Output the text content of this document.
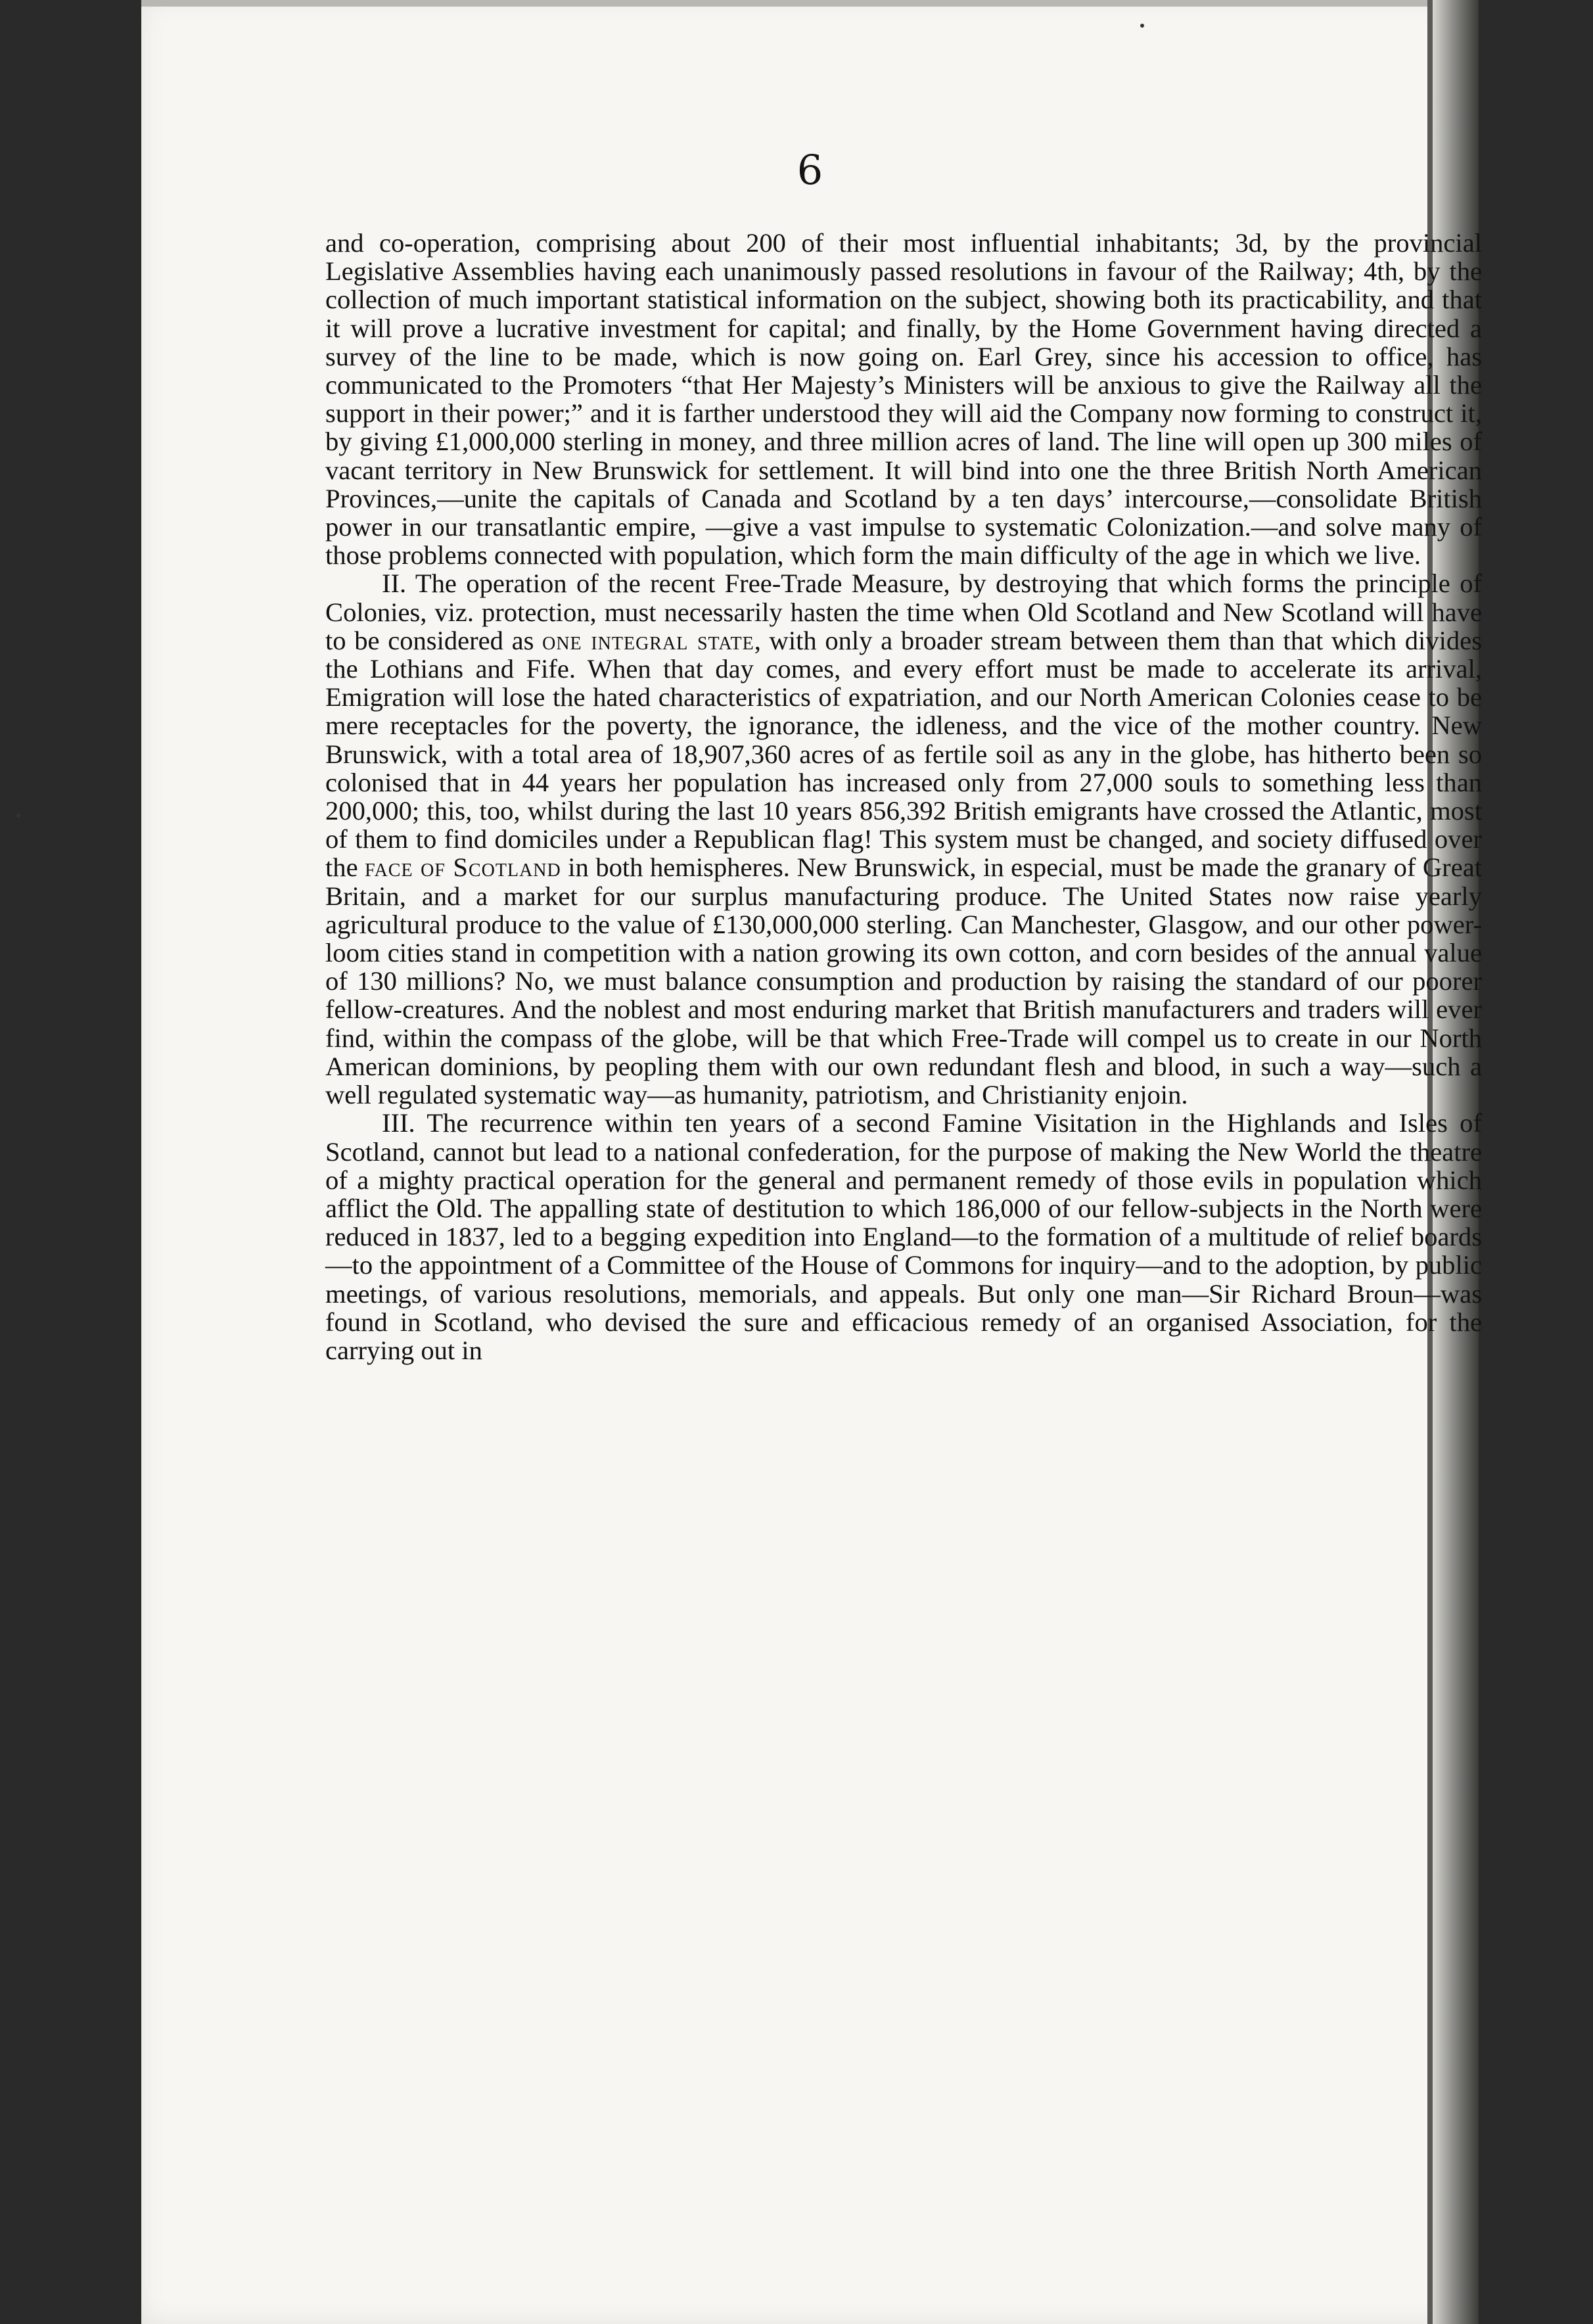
6

and co-operation, comprising about 200 of their most influential inhabitants; 3d, by the provincial Legislative Assemblies having each unanimously passed resolutions in favour of the Railway; 4th, by the collection of much important statistical information on the subject, showing both its practicability, and that it will prove a lucrative investment for capital; and finally, by the Home Government having directed a survey of the line to be made, which is now going on. Earl Grey, since his accession to office, has communicated to the Promoters “that Her Majesty’s Ministers will be anxious to give the Railway all the support in their power;” and it is farther understood they will aid the Company now forming to construct it, by giving £1,000,000 sterling in money, and three million acres of land. The line will open up 300 miles of vacant territory in New Brunswick for settlement. It will bind into one the three British North American Provinces,—unite the capitals of Canada and Scotland by a ten days’ intercourse,—consolidate British power in our transatlantic empire, —give a vast impulse to systematic Colonization.—and solve many of those problems connected with population, which form the main difficulty of the age in which we live.

II. The operation of the recent Free-Trade Measure, by destroying that which forms the principle of Colonies, viz. protection, must necessarily hasten the time when Old Scotland and New Scotland will have to be considered as one integral state, with only a broader stream between them than that which divides the Lothians and Fife. When that day comes, and every effort must be made to accelerate its arrival, Emigration will lose the hated characteristics of expatriation, and our North American Colonies cease to be mere receptacles for the poverty, the ignorance, the idleness, and the vice of the mother country. New Brunswick, with a total area of 18,907,360 acres of as fertile soil as any in the globe, has hitherto been so colonised that in 44 years her population has increased only from 27,000 souls to something less than 200,000; this, too, whilst during the last 10 years 856,392 British emigrants have crossed the Atlantic, most of them to find domiciles under a Republican flag! This system must be changed, and society diffused over the face of Scotland in both hemispheres. New Brunswick, in especial, must be made the granary of Great Britain, and a market for our surplus manufacturing produce. The United States now raise yearly agricultural produce to the value of £130,000,000 sterling. Can Manchester, Glasgow, and our other power-loom cities stand in competition with a nation growing its own cotton, and corn besides of the annual value of 130 millions? No, we must balance consumption and production by raising the standard of our poorer fellow-creatures. And the noblest and most enduring market that British manufacturers and traders will ever find, within the compass of the globe, will be that which Free-Trade will compel us to create in our North American dominions, by peopling them with our own redundant flesh and blood, in such a way—such a well regulated systematic way—as humanity, patriotism, and Christianity enjoin.

III. The recurrence within ten years of a second Famine Visitation in the Highlands and Isles of Scotland, cannot but lead to a national confederation, for the purpose of making the New World the theatre of a mighty practical operation for the general and permanent remedy of those evils in population which afflict the Old. The appalling state of destitution to which 186,000 of our fellow-subjects in the North were reduced in 1837, led to a begging expedition into England—to the formation of a multitude of relief boards—to the appointment of a Committee of the House of Commons for inquiry—and to the adoption, by public meetings, of various resolutions, memorials, and appeals. But only one man—Sir Richard Broun—was found in Scotland, who devised the sure and efficacious remedy of an organised Association, for the carrying out in
